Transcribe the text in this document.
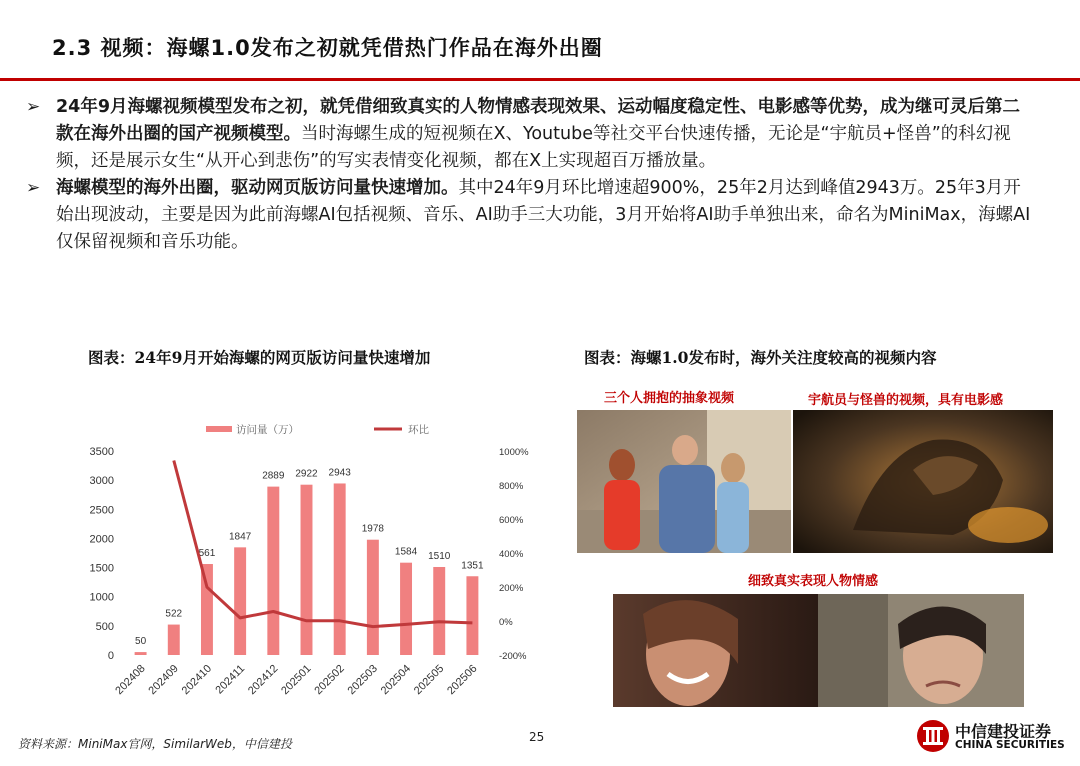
2.3 视频：海螺1.0发布之初就凭借热门作品在海外出圈
➢ 24年9月海螺视频模型发布之初，就凭借细致真实的人物情感表现效果、运动幅度稳定性、电影感等优势，成为继可灵后第二款在海外出圈的国产视频模型。当时海螺生成的短视频在X、Youtube等社交平台快速传播，无论是“宇航员+怪兽”的科幻视频，还是展示女生“从开心到悲伤”的写实表情变化视频，都在X上实现超百万播放量。
➢ 海螺模型的海外出圈，驱动网页版访问量快速增加。其中24年9月环比增速超900%，25年2月达到峰值2943万。25年3月开始出现波动，主要是因为此前海螺AI包括视频、音乐、AI助手三大功能，3月开始将AI助手单独出来，命名为MiniMax，海螺AI仅保留视频和音乐功能。
图表：24年9月开始海螺的网页版访问量快速增加	图表：海螺1.0发布时，海外关注度较高的视频内容
0
500
1000
1500
2000
2500
3000
3500
-200%
0%
200%
400%
600%
800%
1000%
50
522
561
1847
2889 2922 2943
1978
1584 1510
1351
202408
202409
202410 202411
202412
202501
202502
202503
202504
202505
202506
访问量（万）	环比
三个人拥抱的抽象视频	宇航员与怪兽的视频，具有电影感
细致真实表现人物情感
资料来源：MiniMax官网，SimilarWeb，中信建投	25	中信建投证券
CHINA SECURITIES
